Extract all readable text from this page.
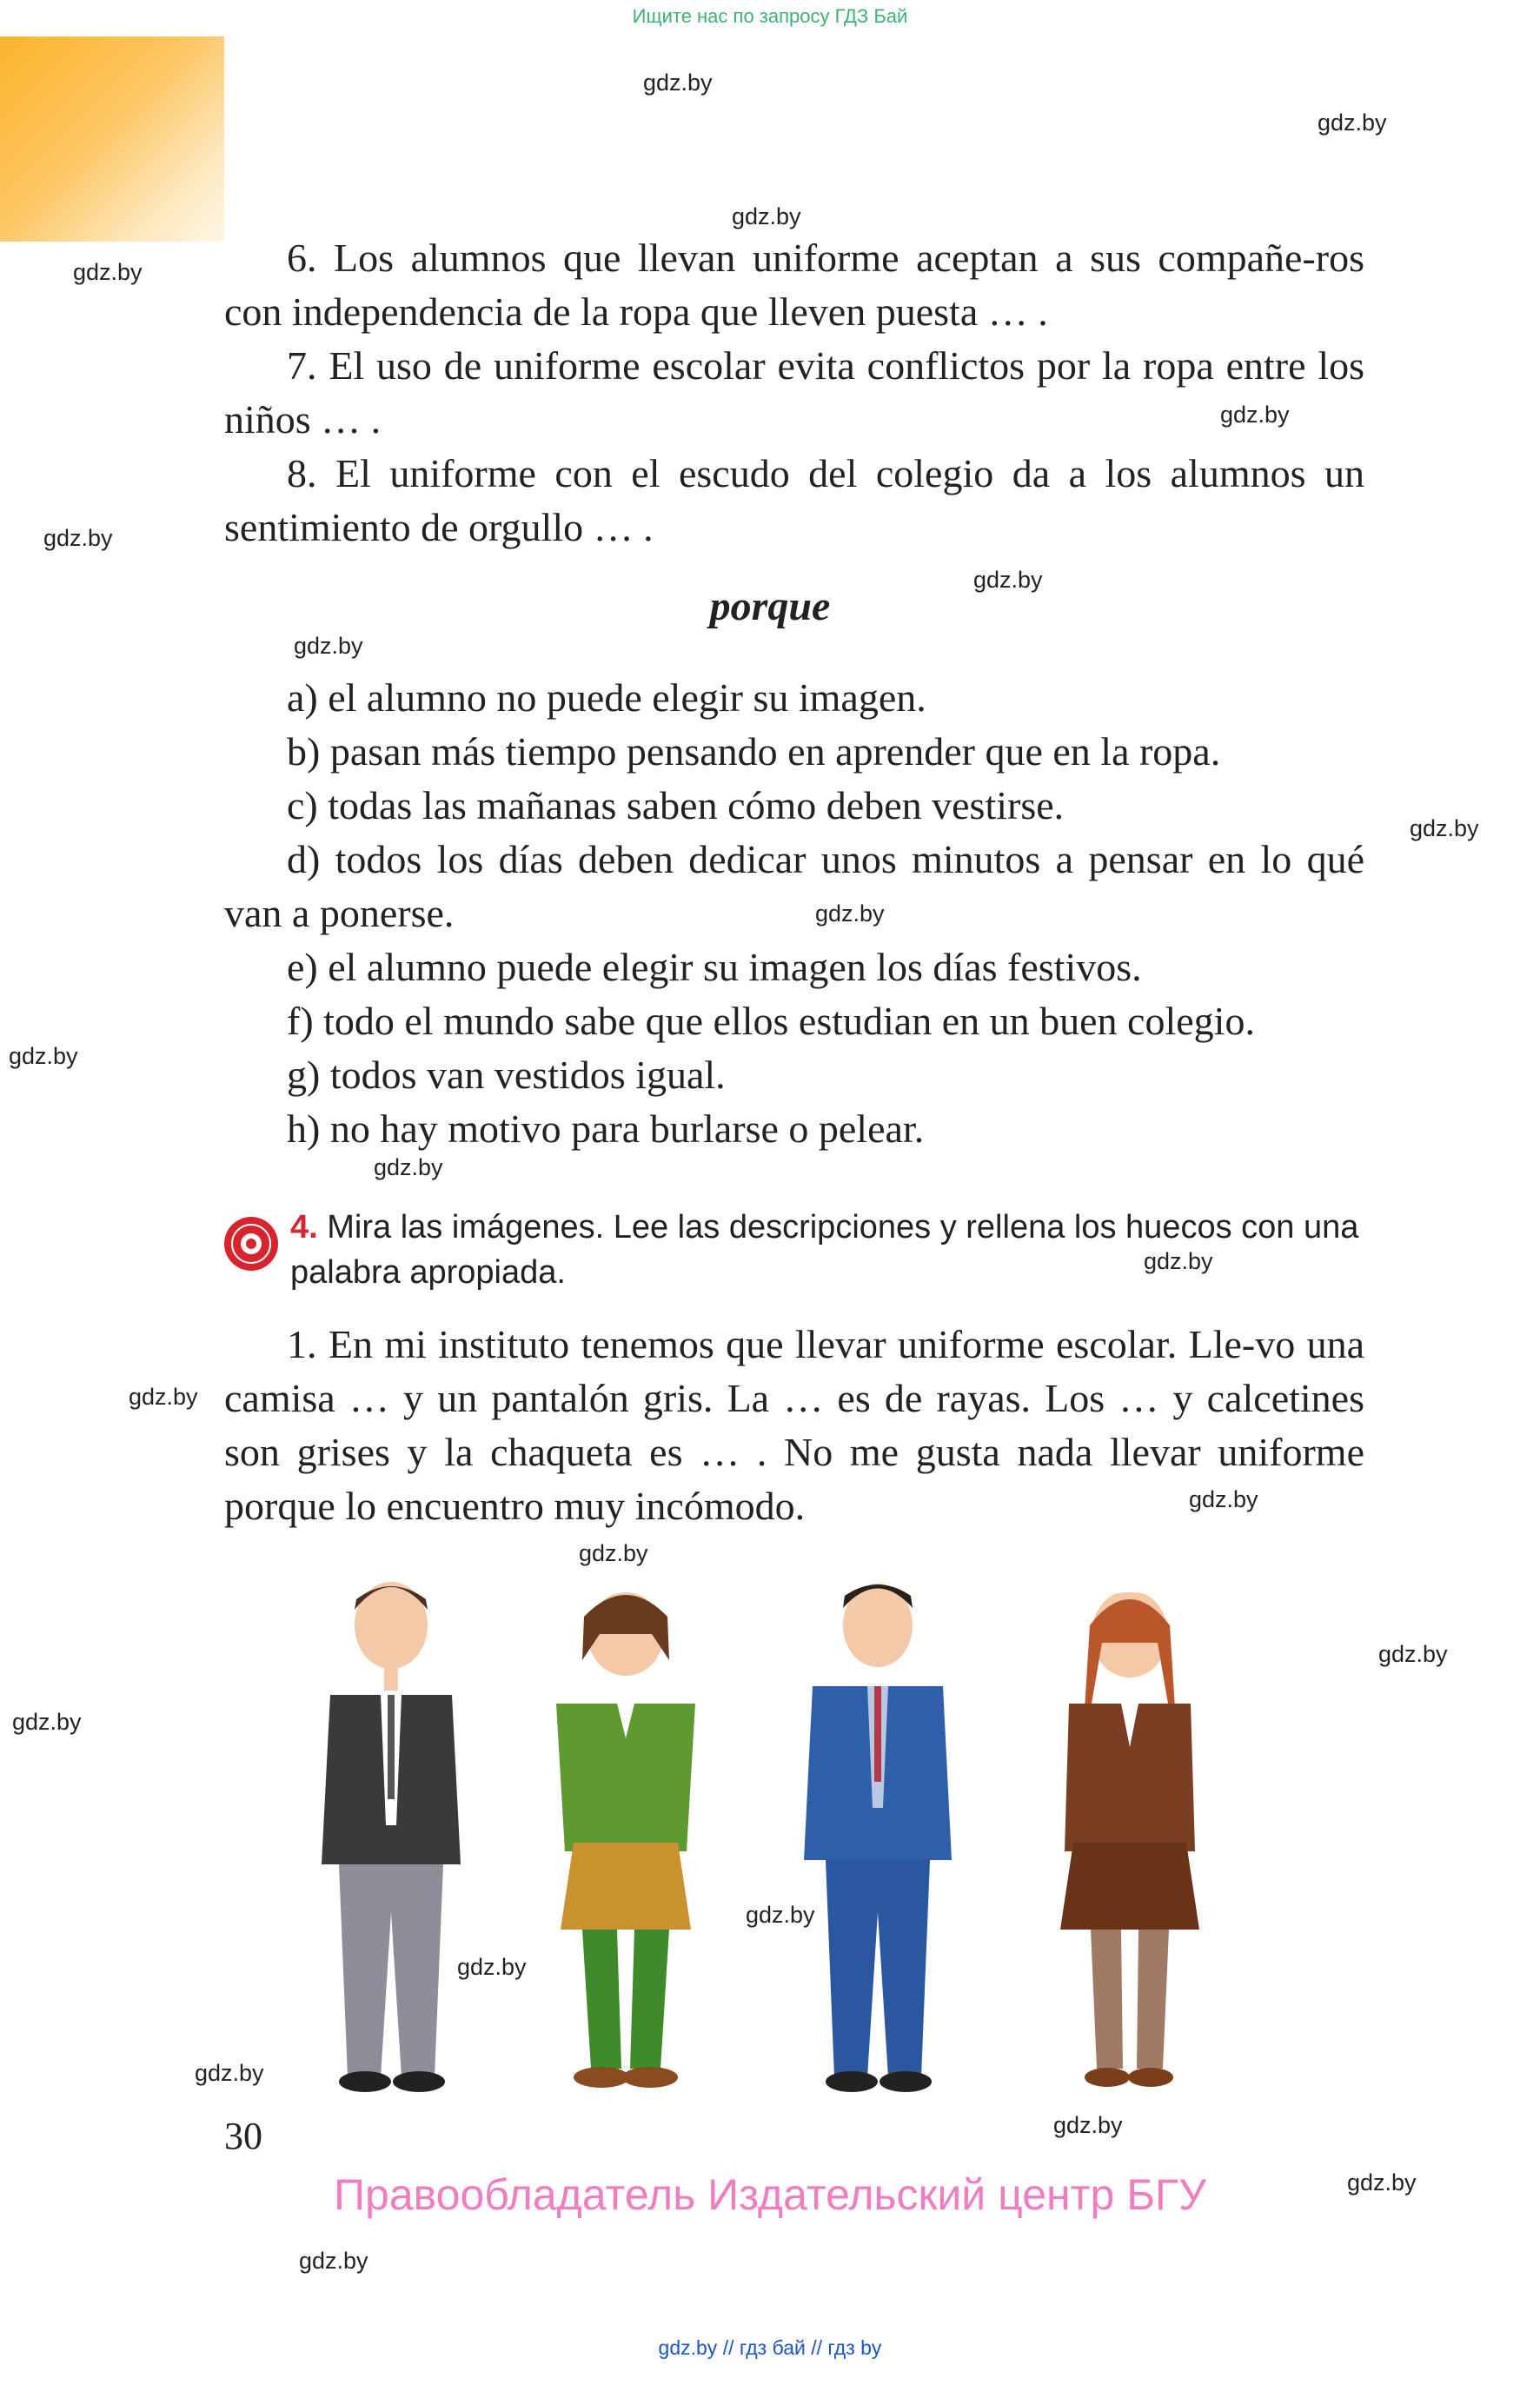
Ищите нас по запросу ГДЗ Бай
gdz.by
gdz.by
gdz.by
gdz.by
gdz.by
gdz.by
gdz.by
gdz.by
gdz.by
gdz.by
gdz.by
gdz.by
gdz.by
gdz.by
gdz.by
gdz.by
gdz.by
gdz.by
gdz.by
gdz.by
gdz.by
gdz.by
gdz.by
gdz.by

6. Los alumnos que llevan uniforme aceptan a sus compañe-ros con independencia de la ropa que lleven puesta … .

7. El uso de uniforme escolar evita conflictos por la ropa entre los niños … .

8. El uniforme con el escudo del colegio da a los alumnos un sentimiento de orgullo … .

porque

a) el alumno no puede elegir su imagen.

b) pasan más tiempo pensando en aprender que en la ropa.

c) todas las mañanas saben cómo deben vestirse.

d) todos los días deben dedicar unos minutos a pensar en lo qué van a ponerse.

e) el alumno puede elegir su imagen los días festivos.

f) todo el mundo sabe que ellos estudian en un buen colegio.

g) todos van vestidos igual.

h) no hay motivo para burlarse o pelear.

4. Mira las imágenes. Lee las descripciones y rellena los huecos con una palabra apropiada.

1. En mi instituto tenemos que llevar uniforme escolar. Lle-vo una camisa … y un pantalón gris. La … es de rayas. Los … y calcetines son grises y la chaqueta es … . No me gusta nada llevar uniforme porque lo encuentro muy incómodo.

30
Правообладатель Издательский центр БГУ
gdz.by // гдз бай // гдз by
